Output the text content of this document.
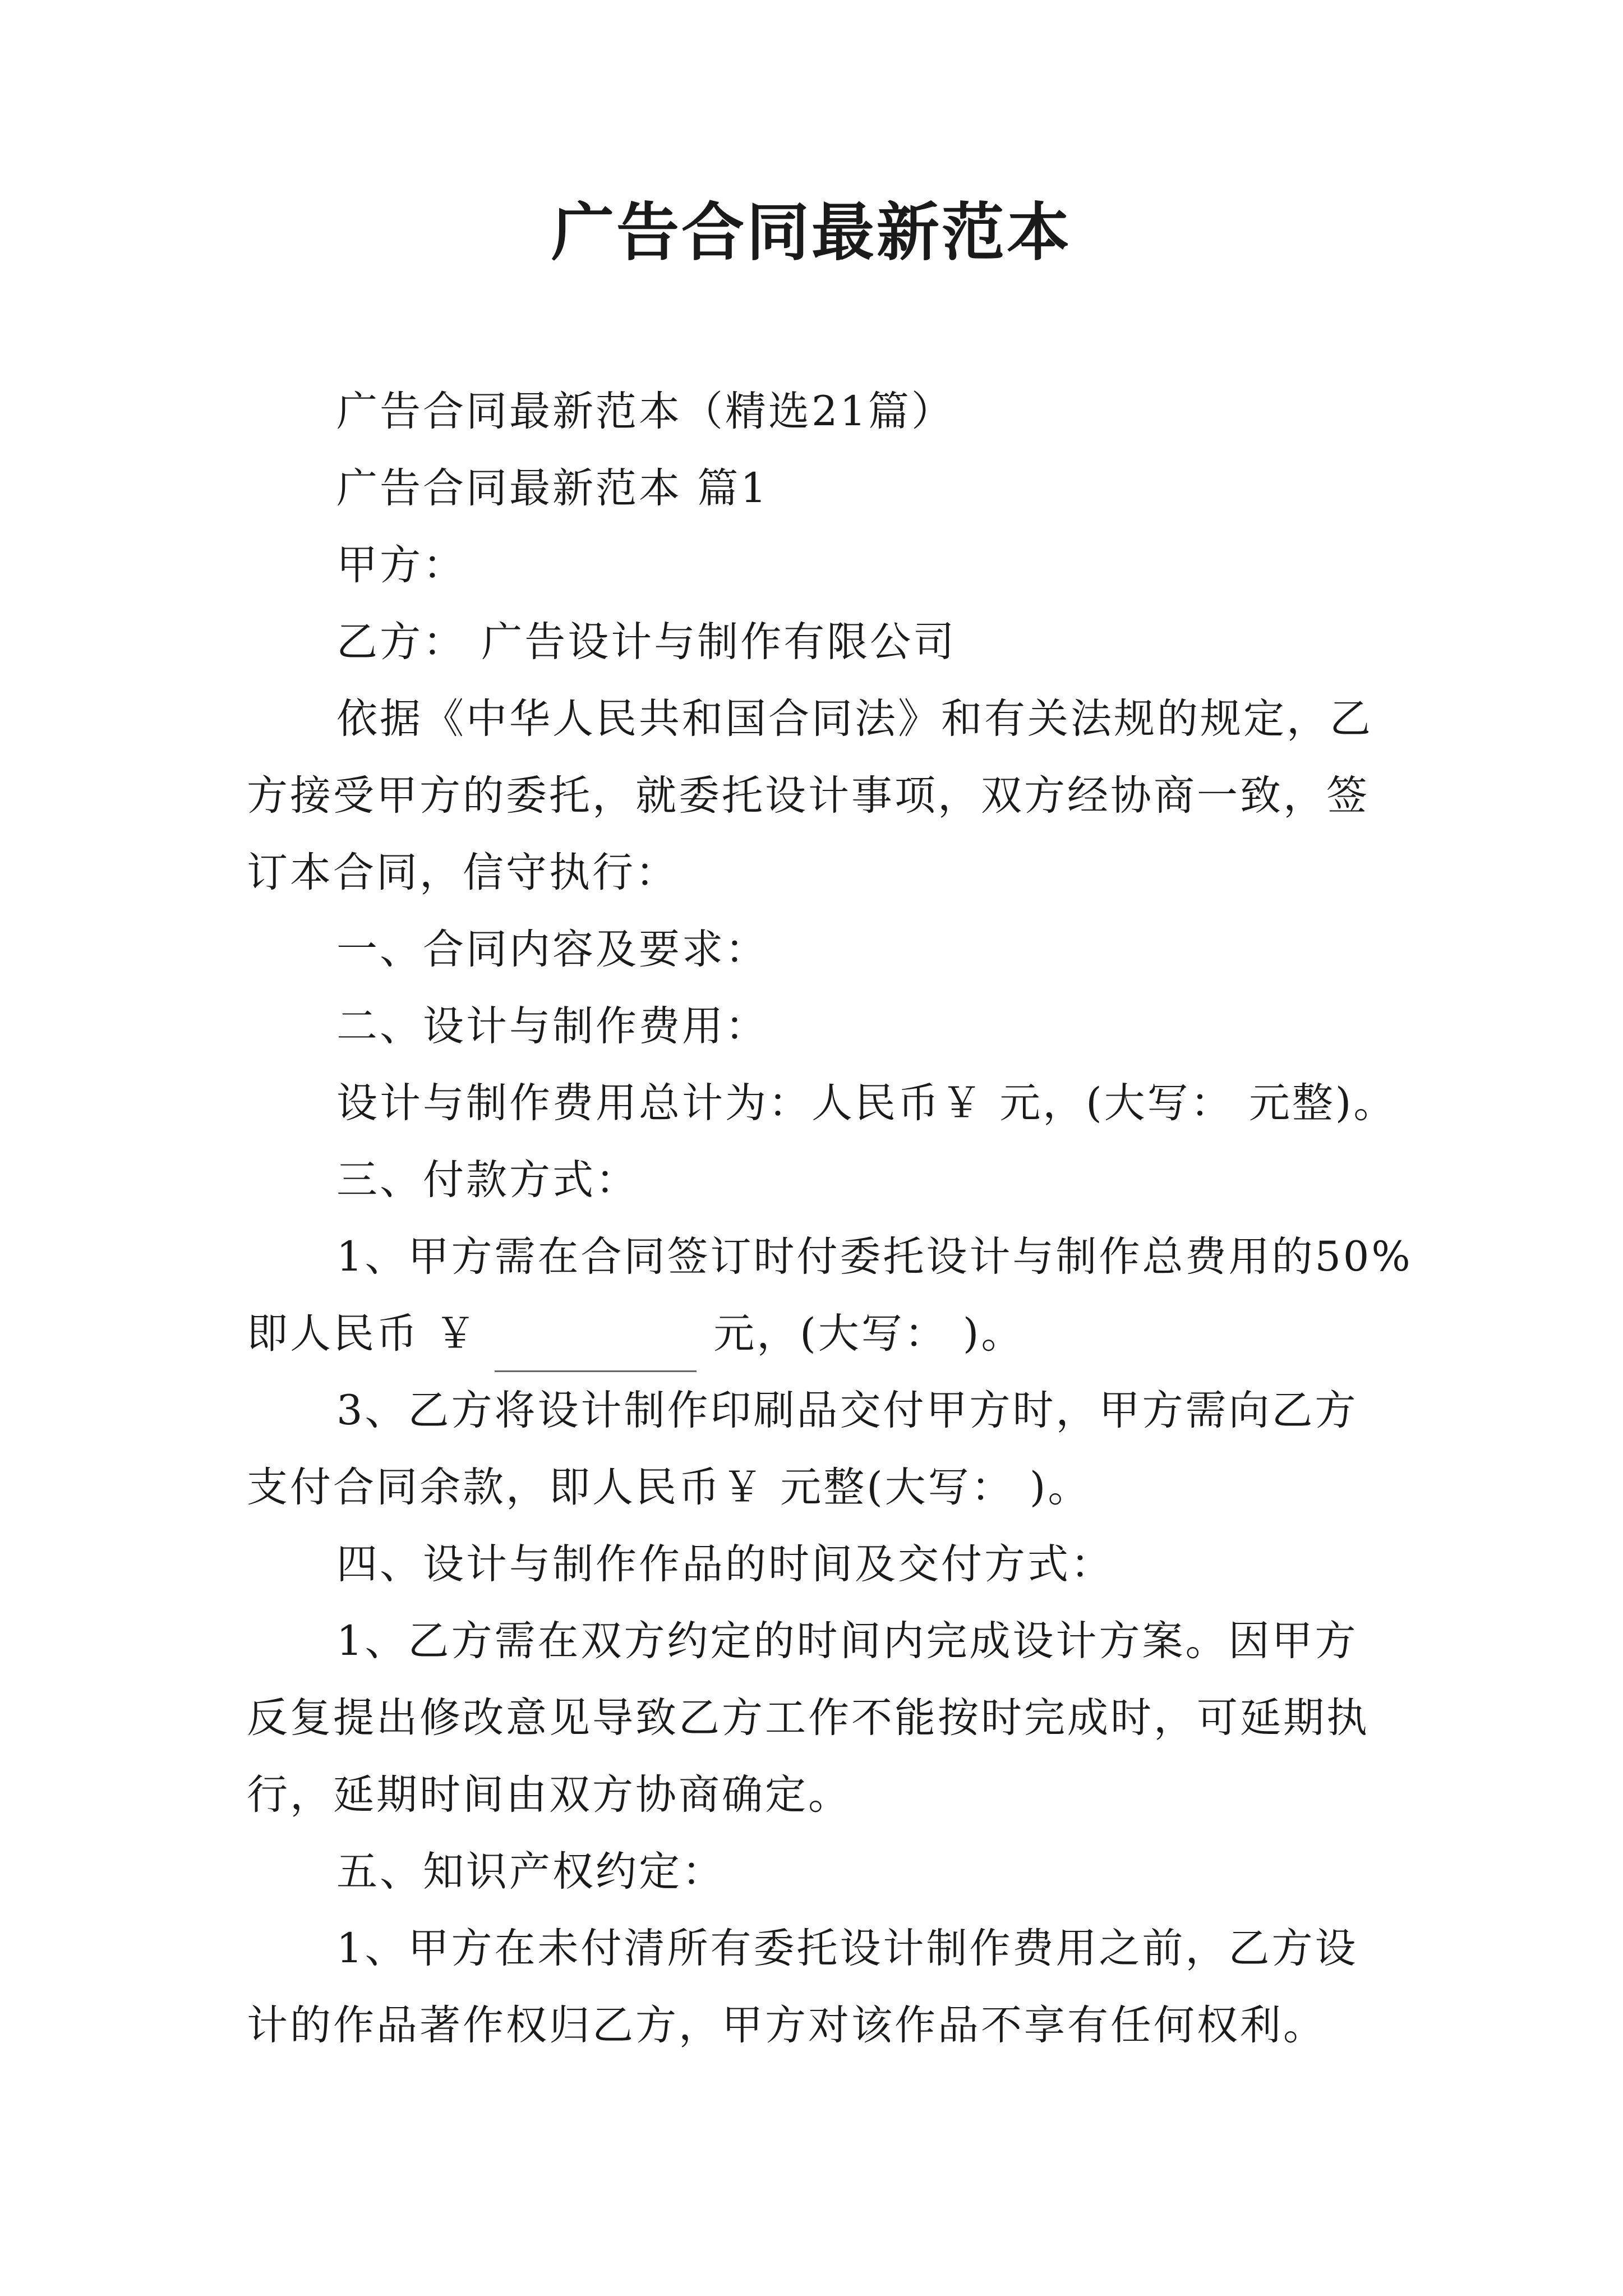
广告合同最新范本

广告合同最新范本（精选21篇）

广告合同最新范本 篇1

甲方：

乙方： 广告设计与制作有限公司

依据《中华人民共和国合同法》和有关法规的规定，乙

方接受甲方的委托，就委托设计事项，双方经协商一致，签

订本合同，信守执行：

一、合同内容及要求：

二、设计与制作费用：

设计与制作费用总计为：人民币￥ 元，(大写： 元整)。

三、付款方式：

1、甲方需在合同签订时付委托设计与制作总费用的50%

即人民币 ￥	元，(大写： )。

3、乙方将设计制作印刷品交付甲方时，甲方需向乙方

支付合同余款，即人民币￥ 元整(大写： )。

四、设计与制作作品的时间及交付方式：

1、乙方需在双方约定的时间内完成设计方案。因甲方

反复提出修改意见导致乙方工作不能按时完成时，可延期执

行，延期时间由双方协商确定。

五、知识产权约定：

1、甲方在未付清所有委托设计制作费用之前，乙方设

计的作品著作权归乙方，甲方对该作品不享有任何权利。
